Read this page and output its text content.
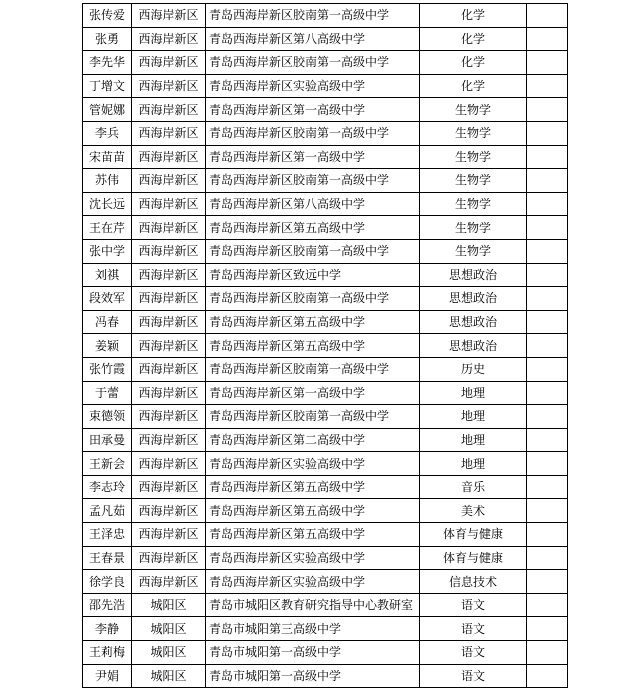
张传爱	西海岸新区	青岛西海岸新区胶南第一高级中学	化学	
张勇	西海岸新区	青岛西海岸新区第八高级中学	化学	
李先华	西海岸新区	青岛西海岸新区胶南第一高级中学	化学	
丁增文	西海岸新区	青岛西海岸新区实验高级中学	化学	
管妮娜	西海岸新区	青岛西海岸新区第一高级中学	生物学	
李兵	西海岸新区	青岛西海岸新区胶南第一高级中学	生物学	
宋苗苗	西海岸新区	青岛西海岸新区第一高级中学	生物学	
苏伟	西海岸新区	青岛西海岸新区胶南第一高级中学	生物学	
沈长远	西海岸新区	青岛西海岸新区第八高级中学	生物学	
王在芹	西海岸新区	青岛西海岸新区第五高级中学	生物学	
张中学	西海岸新区	青岛西海岸新区胶南第一高级中学	生物学	
刘祺	西海岸新区	青岛西海岸新区致远中学	思想政治	
段效军	西海岸新区	青岛西海岸新区胶南第一高级中学	思想政治	
冯春	西海岸新区	青岛西海岸新区第五高级中学	思想政治	
姜颖	西海岸新区	青岛西海岸新区第五高级中学	思想政治	
张竹霞	西海岸新区	青岛西海岸新区胶南第一高级中学	历史	
于蕾	西海岸新区	青岛西海岸新区第一高级中学	地理	
束德领	西海岸新区	青岛西海岸新区胶南第一高级中学	地理	
田承曼	西海岸新区	青岛西海岸新区第二高级中学	地理	
王新会	西海岸新区	青岛西海岸新区实验高级中学	地理	
李志玲	西海岸新区	青岛西海岸新区第五高级中学	音乐	
孟凡茹	西海岸新区	青岛西海岸新区第五高级中学	美术	
王泽忠	西海岸新区	青岛西海岸新区第五高级中学	体育与健康	
王春景	西海岸新区	青岛西海岸新区实验高级中学	体育与健康	
徐学良	西海岸新区	青岛西海岸新区实验高级中学	信息技术	
邵先浩	城阳区	青岛市城阳区教育研究指导中心教研室	语文	
李静	城阳区	青岛市城阳第三高级中学	语文	
王莉梅	城阳区	青岛市城阳第一高级中学	语文	
尹娟	城阳区	青岛市城阳第一高级中学	语文	
